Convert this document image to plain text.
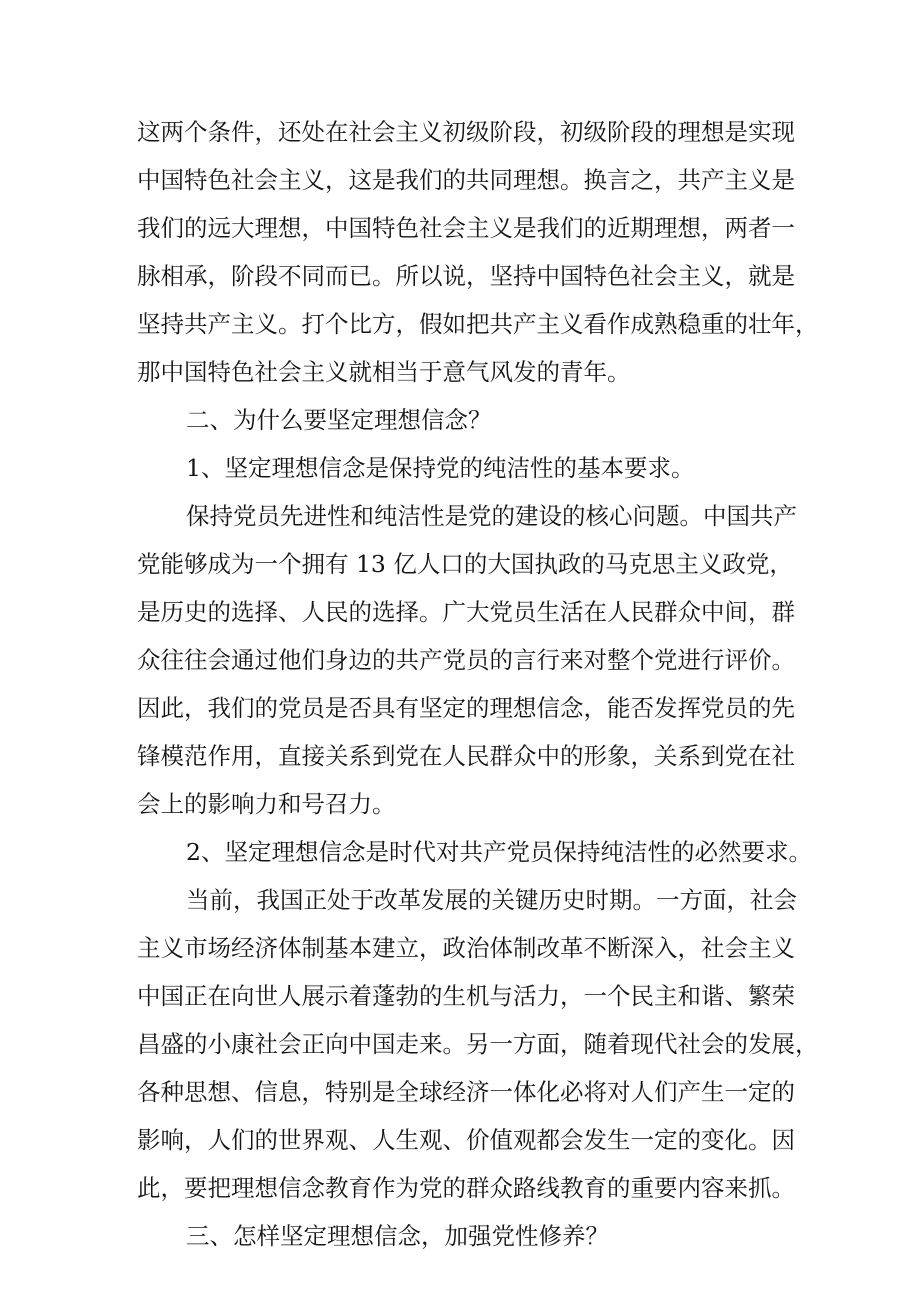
这两个条件，还处在社会主义初级阶段，初级阶段的理想是实现
中国特色社会主义，这是我们的共同理想。换言之，共产主义是
我们的远大理想，中国特色社会主义是我们的近期理想，两者一
脉相承，阶段不同而已。所以说，坚持中国特色社会主义，就是
坚持共产主义。打个比方，假如把共产主义看作成熟稳重的壮年，
那中国特色社会主义就相当于意气风发的青年。
二、为什么要坚定理想信念？
1、坚定理想信念是保持党的纯洁性的基本要求。
保持党员先进性和纯洁性是党的建设的核心问题。中国共产
党能够成为一个拥有 13 亿人口的大国执政的马克思主义政党，
是历史的选择、人民的选择。广大党员生活在人民群众中间，群
众往往会通过他们身边的共产党员的言行来对整个党进行评价。
因此，我们的党员是否具有坚定的理想信念，能否发挥党员的先
锋模范作用，直接关系到党在人民群众中的形象，关系到党在社
会上的影响力和号召力。
2、坚定理想信念是时代对共产党员保持纯洁性的必然要求。
当前，我国正处于改革发展的关键历史时期。一方面，社会
主义市场经济体制基本建立，政治体制改革不断深入，社会主义
中国正在向世人展示着蓬勃的生机与活力，一个民主和谐、繁荣
昌盛的小康社会正向中国走来。另一方面，随着现代社会的发展，
各种思想、信息，特别是全球经济一体化必将对人们产生一定的
影响，人们的世界观、人生观、价值观都会发生一定的变化。因
此，要把理想信念教育作为党的群众路线教育的重要内容来抓。
三、怎样坚定理想信念，加强党性修养？
